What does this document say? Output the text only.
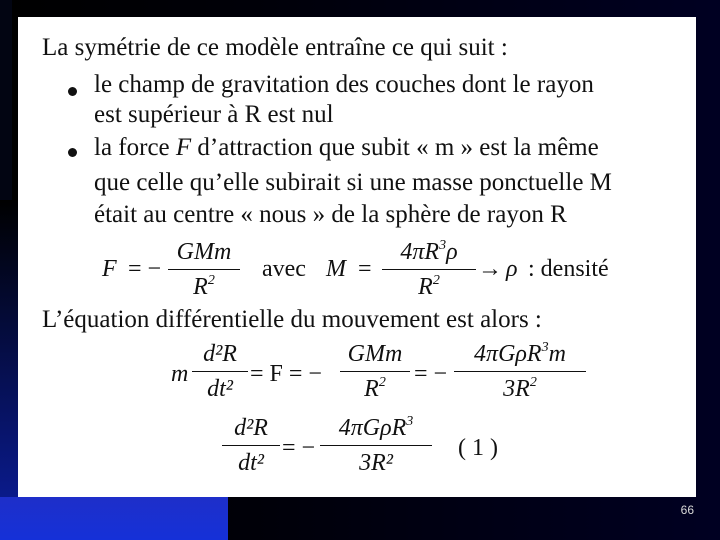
66
La symétrie de ce modèle entraîne ce qui suit :
le champ de gravitation des couches dont le rayon
est supérieur à R est nul
la force F d’attraction que subit « m » est la même
que celle qu’elle subirait si une masse ponctuelle M
était au centre « nous » de la sphère de rayon R
F = −
GMm
$R^2$	avec M =
$4\pi R^3\rho$
$R^2$	→ ρ : densité
L’équation différentielle du mouvement est alors :
m
d²R
dt²
= F = −
GMm
$R^2$	= −
4πGρR$^3$m
$3R^2$
d²R
dt²
= −
4πGρR$^3$
3R²
( 1 )
